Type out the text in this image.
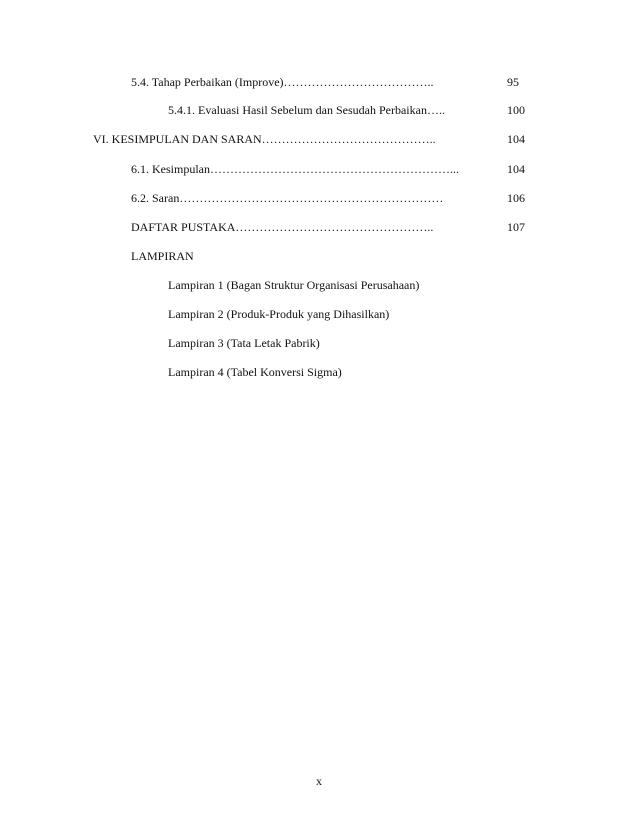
5.4. Tahap Perbaikan (Improve)………………………………..	95
5.4.1. Evaluasi Hasil Sebelum dan Sesudah Perbaikan…..	100
VI. KESIMPULAN DAN SARAN……………………………………..	104
6.1. Kesimpulan……………………………………………………...	104
6.2. Saran…………………………………………………………	106
DAFTAR PUSTAKA…………………………………………..	107
LAMPIRAN
Lampiran 1 (Bagan Struktur Organisasi Perusahaan)
Lampiran 2 (Produk-Produk yang Dihasilkan)
Lampiran 3 (Tata Letak Pabrik)
Lampiran 4 (Tabel Konversi Sigma)
x
